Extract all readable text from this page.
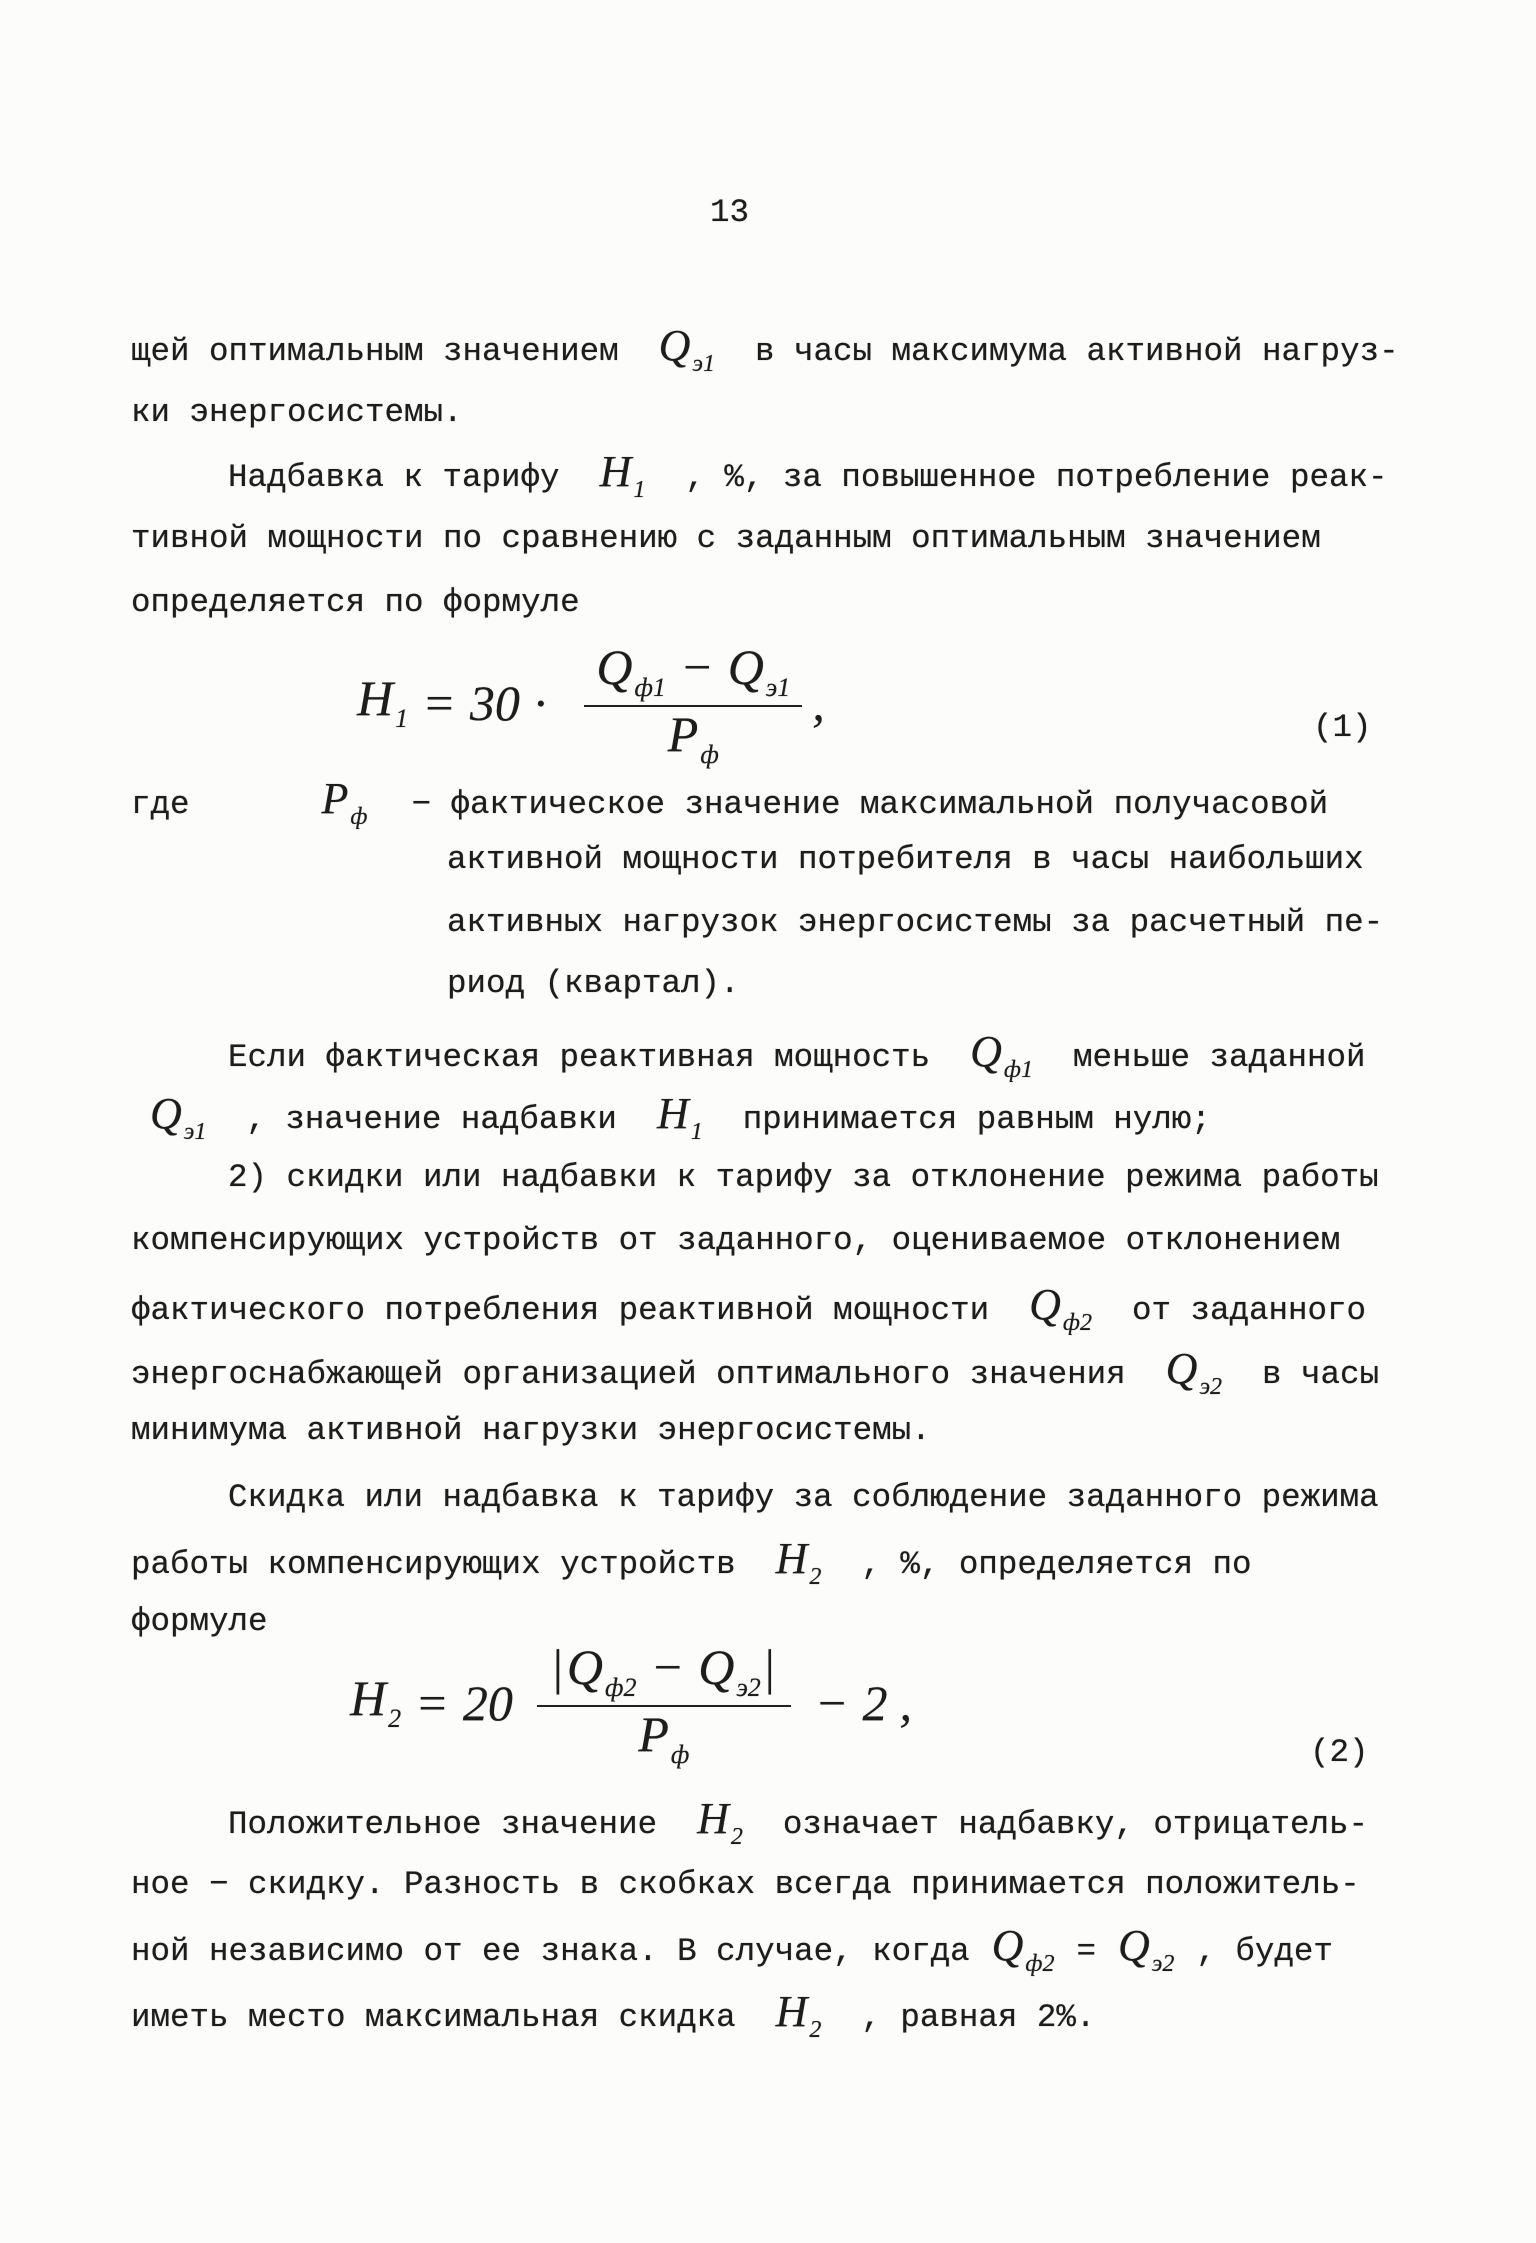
13
щей оптимальным значением Q э1 в часы максимума активной нагруз-
ки энергосистемы.
Надбавка к тарифу H 1 , %, за повышенное потребление реак-
тивной мощности по сравнению с заданным оптимальным значением
определяется по формуле
H $1 = 30 \cdot \frac{\text{Q ф1 − Q э1}}{\text{P ф}}$ ,	(1)
где	P ф − фактическое значение максимальной получасовой
активной мощности потребителя в часы наибольших
активных нагрузок энергосистемы за расчетный пе-
риод (квартал).
Если фактическая реактивная мощность Q ф1 меньше заданной
Q э1 , значение надбавки H 1 принимается равным нулю;
2) скидки или надбавки к тарифу за отклонение режима работы
компенсирующих устройств от заданного, оцениваемое отклонением
фактического потребления реактивной мощности Q ф2 от заданного
энергоснабжающей организацией оптимального значения Q э2 в часы
минимума активной нагрузки энергосистемы.
Скидка или надбавка к тарифу за соблюдение заданного режима
работы компенсирующих устройств H 2 , %, определяется по
формуле
H $2 = 20 \frac{\text{| Q ф2 − Q э2 |}}{\text{P ф}} - 2$ ,
(2)
Положительное значение H 2 означает надбавку, отрицатель-
ное − скидку. Разность в скобках всегда принимается положитель-
ной независимо от ее знака. В случае, когда Q ф2 = Q э2 , будет
иметь место максимальная скидка H 2 , равная 2%.
